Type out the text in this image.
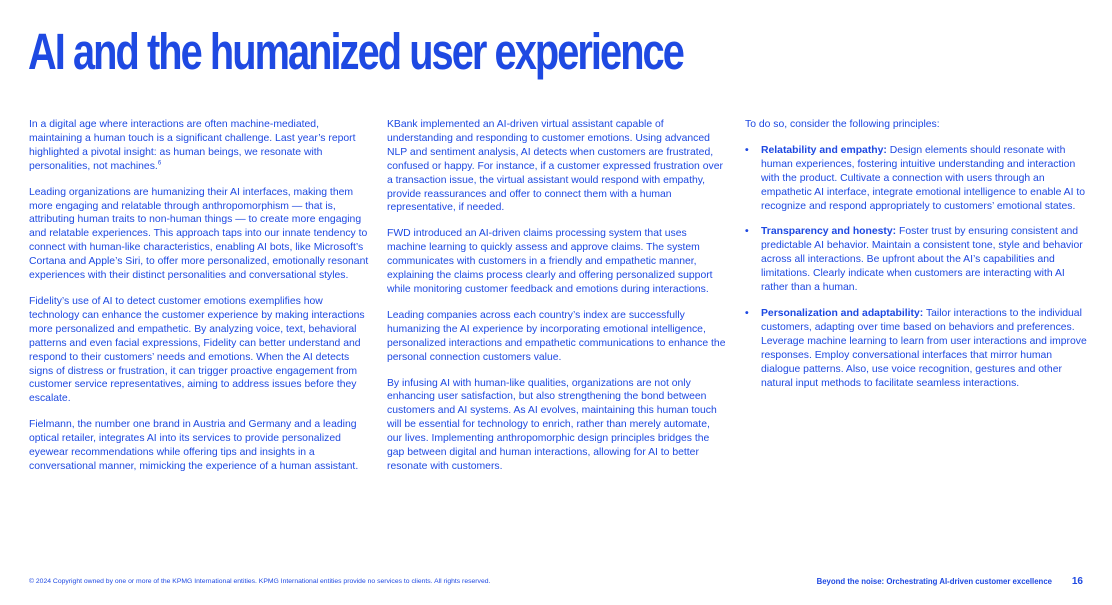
AI and the humanized user experience

In a digital age where interactions are often machine-mediated, maintaining a human touch is a significant challenge. Last year’s report highlighted a pivotal insight: as human beings, we resonate with personalities, not machines.$^6$

Leading organizations are humanizing their AI interfaces, making them more engaging and relatable through anthropomorphism — that is, attributing human traits to non-human things — to create more engaging and relatable experiences. This approach taps into our innate tendency to connect with human-like characteristics, enabling AI bots, like Microsoft’s Cortana and Apple’s Siri, to offer more personalized, emotionally resonant experiences with their distinct personalities and conversational styles.

Fidelity’s use of AI to detect customer emotions exemplifies how technology can enhance the customer experience by making interactions more personalized and empathetic. By analyzing voice, text, behavioral patterns and even facial expressions, Fidelity can better understand and respond to their customers’ needs and emotions. When the AI detects signs of distress or frustration, it can trigger proactive engagement from customer service representatives, aiming to address issues before they escalate.

Fielmann, the number one brand in Austria and Germany and a leading optical retailer, integrates AI into its services to provide personalized eyewear recommendations while offering tips and insights in a conversational manner, mimicking the experience of a human assistant.

KBank implemented an AI-driven virtual assistant capable of understanding and responding to customer emotions. Using advanced NLP and sentiment analysis, AI detects when customers are frustrated, confused or happy. For instance, if a customer expressed frustration over a transaction issue, the virtual assistant would respond with empathy, provide reassurances and offer to connect them with a human representative, if needed.

FWD introduced an AI-driven claims processing system that uses machine learning to quickly assess and approve claims. The system communicates with customers in a friendly and empathetic manner, explaining the claims process clearly and offering personalized support while monitoring customer feedback and emotions during interactions.

Leading companies across each country’s index are successfully humanizing the AI experience by incorporating emotional intelligence, personalized interactions and empathetic communications to enhance the personal connection customers value.

By infusing AI with human-like qualities, organizations are not only enhancing user satisfaction, but also strengthening the bond between customers and AI systems. As AI evolves, maintaining this human touch will be essential for technology to enrich, rather than merely automate, our lives. Implementing anthropomorphic design principles bridges the gap between digital and human interactions, allowing for AI to better resonate with customers.

To do so, consider the following principles:

• Relatability and empathy: Design elements should resonate with human experiences, fostering intuitive understanding and interaction with the product. Cultivate a connection with users through an empathetic AI interface, integrate emotional intelligence to enable AI to recognize and respond appropriately to customers’ emotional states.
• Transparency and honesty: Foster trust by ensuring consistent and predictable AI behavior. Maintain a consistent tone, style and behavior across all interactions. Be upfront about the AI’s capabilities and limitations. Clearly indicate when customers are interacting with AI rather than a human.
• Personalization and adaptability: Tailor interactions to the individual customers, adapting over time based on behaviors and preferences. Leverage machine learning to learn from user interactions and improve responses. Employ conversational interfaces that mirror human dialogue patterns. Also, use voice recognition, gestures and other natural input methods to facilitate seamless interactions.
© 2024 Copyright owned by one or more of the KPMG International entities. KPMG International entities provide no services to clients. All rights reserved.	Beyond the noise: Orchestrating AI-driven customer excellence 16
